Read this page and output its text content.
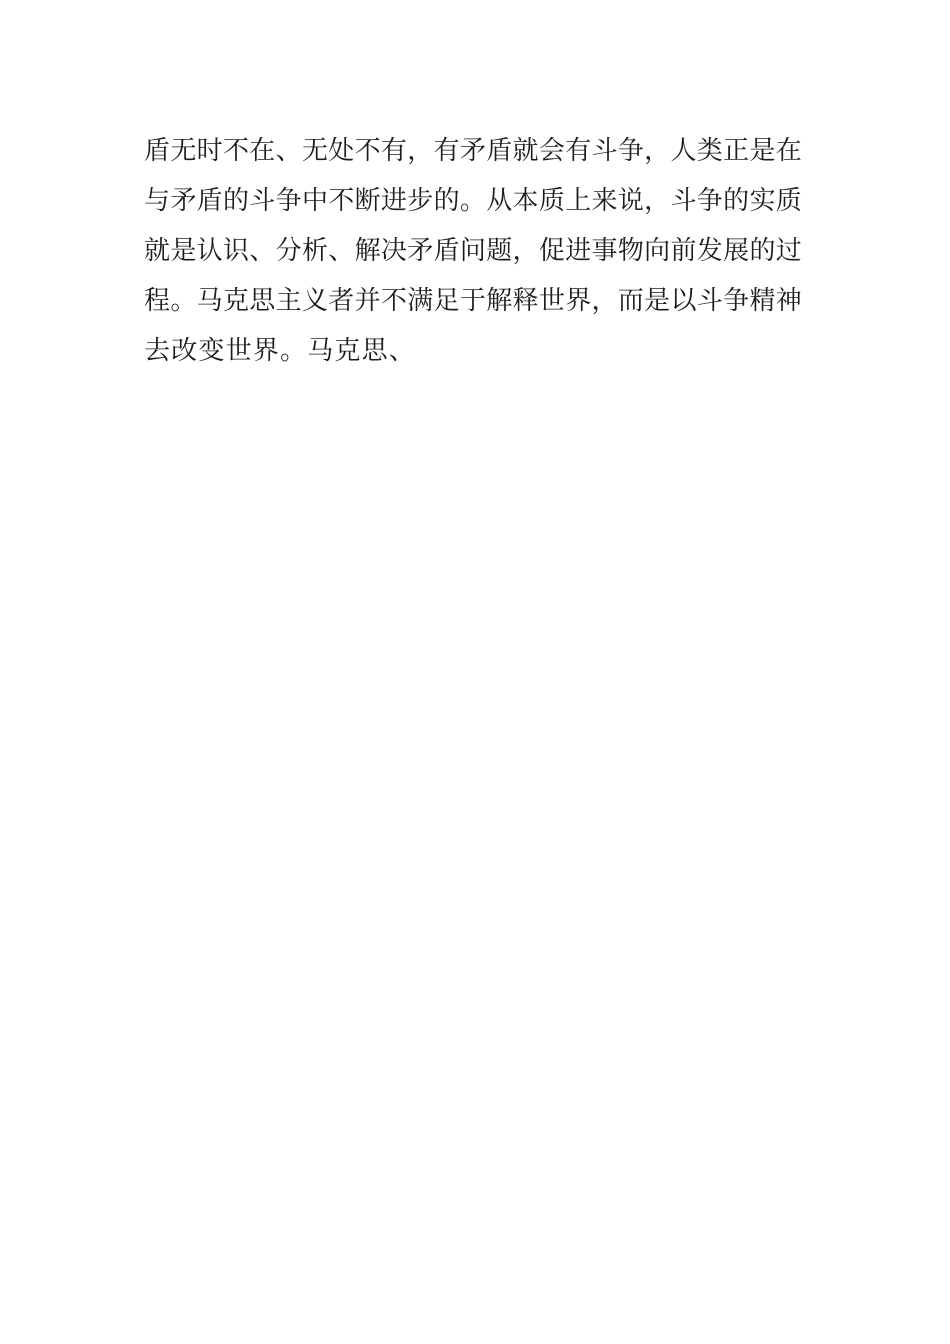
盾无时不在、无处不有，有矛盾就会有斗争，人类正是在
与矛盾的斗争中不断进步的。从本质上来说，斗争的实质
就是认识、分析、解决矛盾问题，促进事物向前发展的过
程。马克思主义者并不满足于解释世界，而是以斗争精神
去改变世界。马克思、
